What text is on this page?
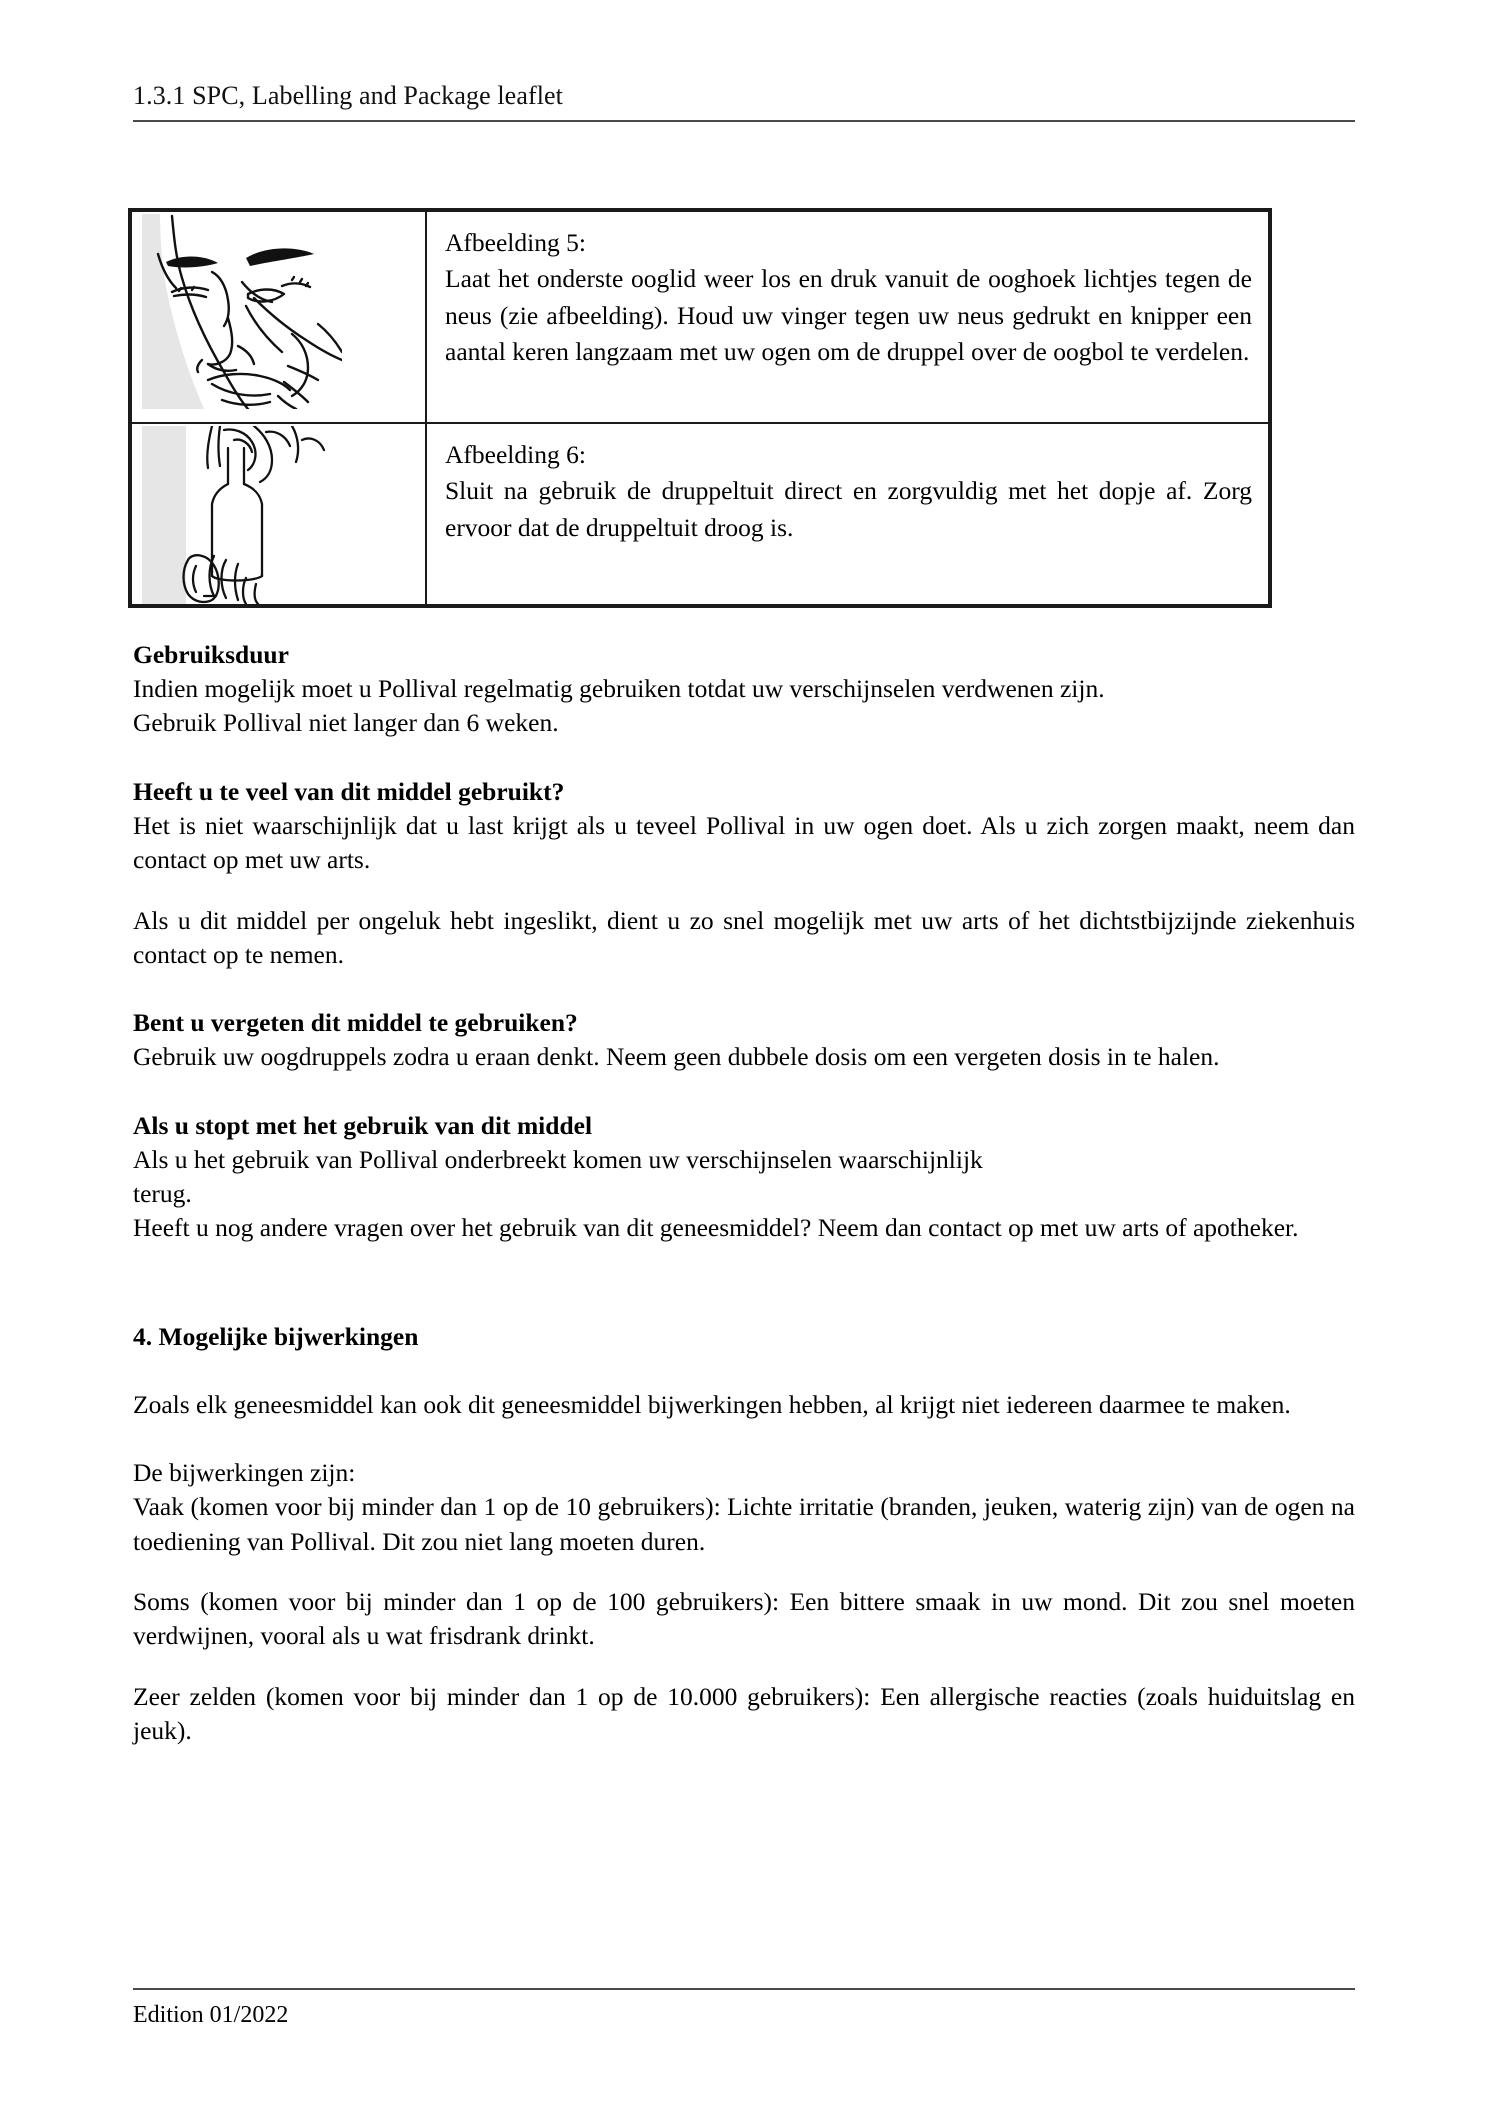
1.3.1 SPC, Labelling and Package leaflet

Afbeelding 5:
Laat het onderste ooglid weer los en druk vanuit de ooghoek lichtjes tegen de neus (zie afbeelding). Houd uw vinger tegen uw neus gedrukt en knipper een aantal keren langzaam met uw ogen om de druppel over de oogbol te verdelen.

Afbeelding 6:
Sluit na gebruik de druppeltuit direct en zorgvuldig met het dopje af. Zorg ervoor dat de druppeltuit droog is.
Gebruiksduur

Indien mogelijk moet u Pollival regelmatig gebruiken totdat uw verschijnselen verdwenen zijn.

Gebruik Pollival niet langer dan 6 weken.

Heeft u te veel van dit middel gebruikt?

Het is niet waarschijnlijk dat u last krijgt als u teveel Pollival in uw ogen doet. Als u zich zorgen maakt, neem dan contact op met uw arts.

Als u dit middel per ongeluk hebt ingeslikt, dient u zo snel mogelijk met uw arts of het dichtstbijzijnde ziekenhuis contact op te nemen.

Bent u vergeten dit middel te gebruiken?

Gebruik uw oogdruppels zodra u eraan denkt. Neem geen dubbele dosis om een vergeten dosis in te halen.

Als u stopt met het gebruik van dit middel

Als u het gebruik van Pollival onderbreekt komen uw verschijnselen waarschijnlijk

terug.

Heeft u nog andere vragen over het gebruik van dit geneesmiddel? Neem dan contact op met uw arts of apotheker.

4. Mogelijke bijwerkingen

Zoals elk geneesmiddel kan ook dit geneesmiddel bijwerkingen hebben, al krijgt niet iedereen daarmee te maken.

De bijwerkingen zijn:

Vaak (komen voor bij minder dan 1 op de 10 gebruikers): Lichte irritatie (branden, jeuken, waterig zijn) van de ogen na toediening van Pollival. Dit zou niet lang moeten duren.

Soms (komen voor bij minder dan 1 op de 100 gebruikers): Een bittere smaak in uw mond. Dit zou snel moeten verdwijnen, vooral als u wat frisdrank drinkt.

Zeer zelden (komen voor bij minder dan 1 op de 10.000 gebruikers): Een allergische reacties (zoals huiduitslag en jeuk).

Edition 01/2022
